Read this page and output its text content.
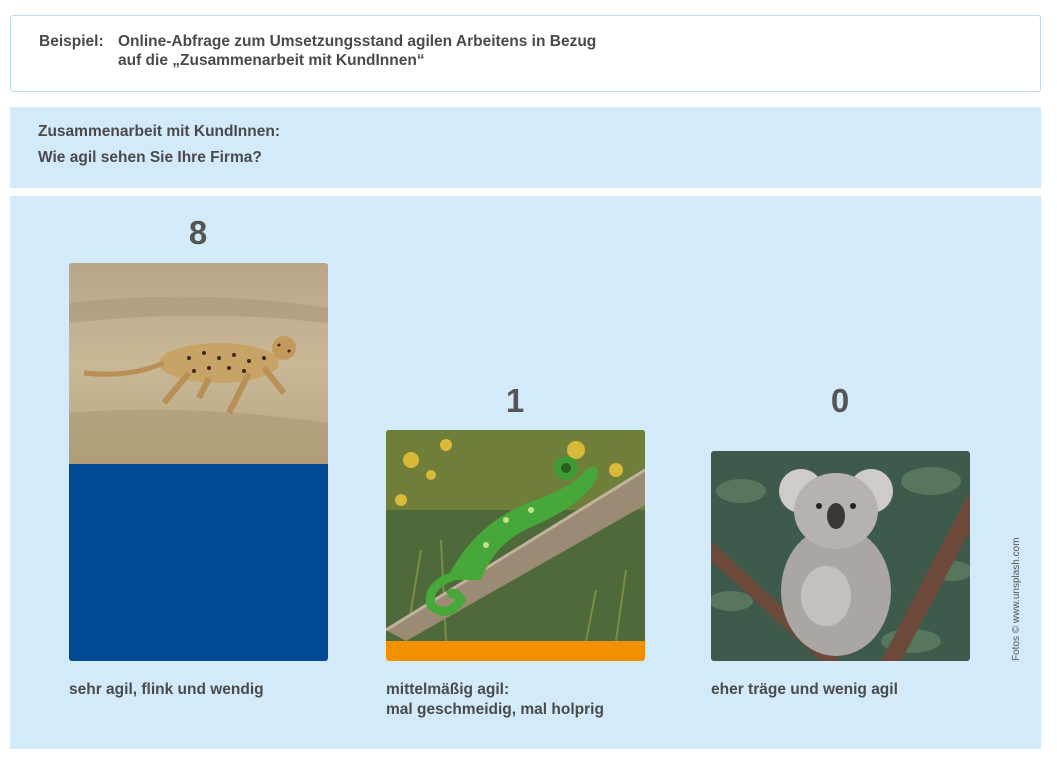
Beispiel: Online-Abfrage zum Umsetzungsstand agilen Arbeitens in Bezug
auf die „Zusammenarbeit mit KundInnen“
Zusammenarbeit mit KundInnen:
Wie agil sehen Sie Ihre Firma?
8
sehr agil, flink und wendig
1
mittelmäßig agil:
mal geschmeidig, mal holprig
0
eher träge und wenig agil
Fotos © www.unsplash.com
